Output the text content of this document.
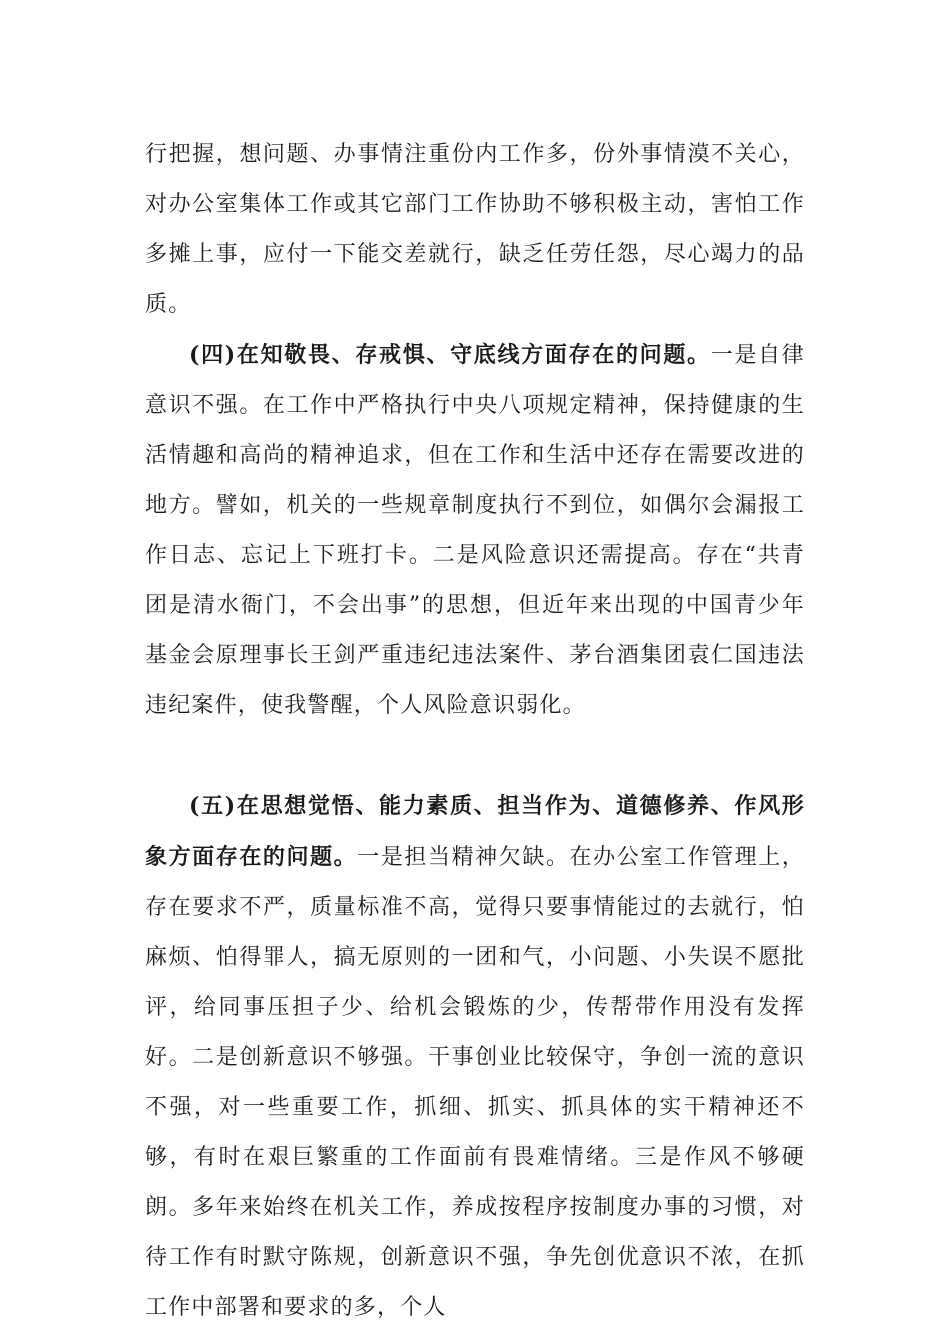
行把握，想问题、办事情注重份内工作多，份外事情漠不关心，对办公室集体工作或其它部门工作协助不够积极主动，害怕工作多摊上事，应付一下能交差就行，缺乏任劳任怨，尽心竭力的品质。

(四)在知敬畏、存戒惧、守底线方面存在的问题。一是自律意识不强。在工作中严格执行中央八项规定精神，保持健康的生活情趣和高尚的精神追求，但在工作和生活中还存在需要改进的地方。譬如，机关的一些规章制度执行不到位，如偶尔会漏报工作日志、忘记上下班打卡。二是风险意识还需提高。存在“共青团是清水衙门，不会出事”的思想，但近年来出现的中国青少年基金会原理事长王剑严重违纪违法案件、茅台酒集团袁仁国违法违纪案件，使我警醒，个人风险意识弱化。

(五)在思想觉悟、能力素质、担当作为、道德修养、作风形象方面存在的问题。一是担当精神欠缺。在办公室工作管理上，存在要求不严，质量标准不高，觉得只要事情能过的去就行，怕麻烦、怕得罪人，搞无原则的一团和气，小问题、小失误不愿批评，给同事压担子少、给机会锻炼的少，传帮带作用没有发挥好。二是创新意识不够强。干事创业比较保守，争创一流的意识不强，对一些重要工作，抓细、抓实、抓具体的实干精神还不够，有时在艰巨繁重的工作面前有畏难情绪。三是作风不够硬朗。多年来始终在机关工作，养成按程序按制度办事的习惯，对待工作有时默守陈规，创新意识不强，争先创优意识不浓，在抓工作中部署和要求的多，个人
